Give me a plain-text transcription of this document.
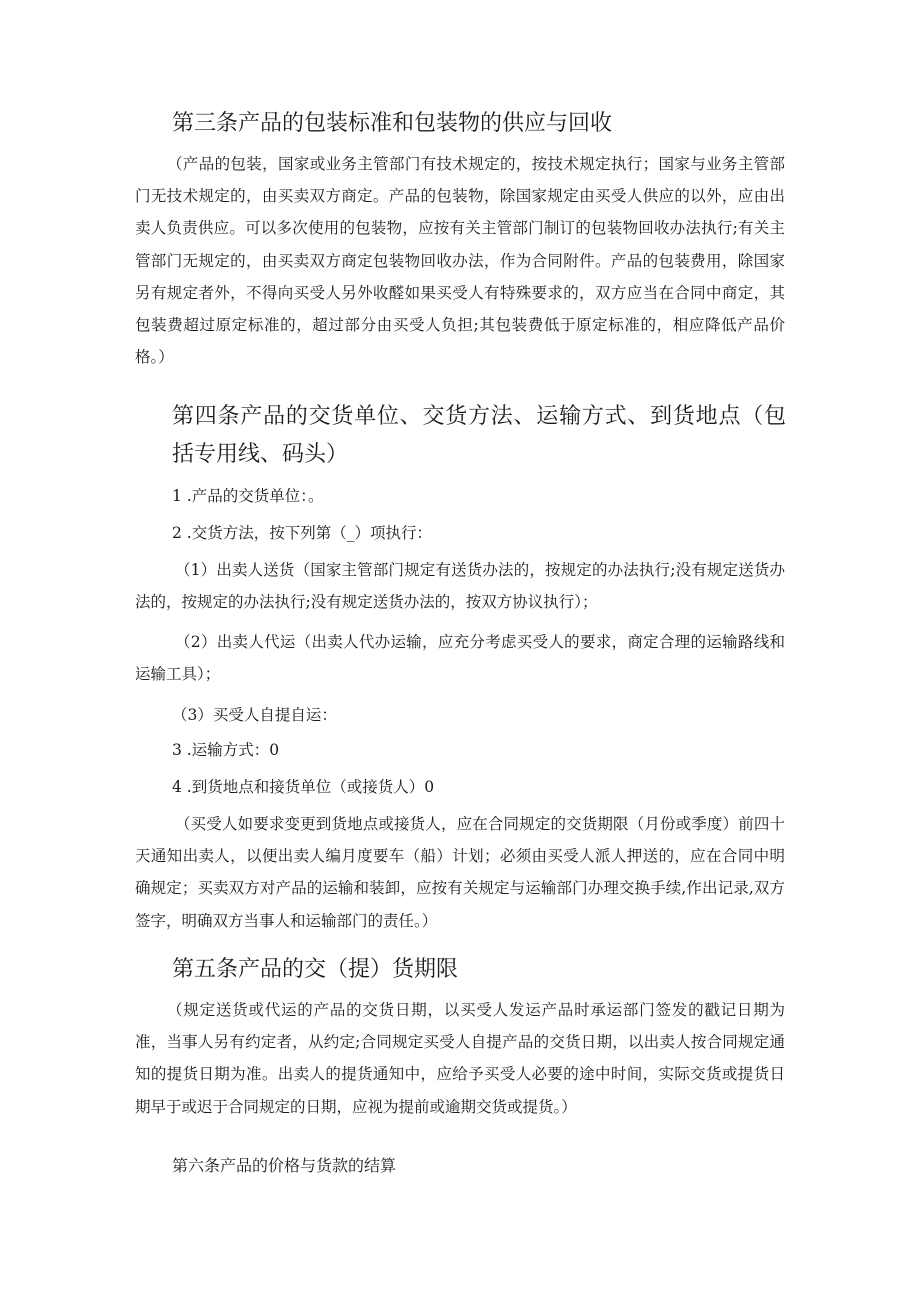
第三条产品的包装标准和包装物的供应与回收
（产品的包装，国家或业务主管部门有技术规定的，按技术规定执行；国家与业务主管部门无技术规定的，由买卖双方商定。产品的包装物，除国家规定由买受人供应的以外，应由出卖人负责供应。可以多次使用的包装物，应按有关主管部门制订的包装物回收办法执行;有关主管部门无规定的，由买卖双方商定包装物回收办法，作为合同附件。产品的包装费用，除国家另有规定者外，不得向买受人另外收醛如果买受人有特殊要求的，双方应当在合同中商定，其包装费超过原定标准的，超过部分由买受人负担;其包装费低于原定标准的，相应降低产品价格。）
第四条产品的交货单位、交货方法、运输方式、到货地点（包括专用线、码头）
1 .产品的交货单位：。
2 .交货方法，按下列第（_）项执行：
（1）出卖人送货（国家主管部门规定有送货办法的，按规定的办法执行;没有规定送货办法的，按规定的办法执行;没有规定送货办法的，按双方协议执行）；
（2）出卖人代运（出卖人代办运输，应充分考虑买受人的要求，商定合理的运输路线和运输工具）；
（3）买受人自提自运：
3 .运输方式：0
4 .到货地点和接货单位（或接货人）0
（买受人如要求变更到货地点或接货人，应在合同规定的交货期限（月份或季度）前四十天通知出卖人，以便出卖人编月度要车（船）计划；必须由买受人派人押送的，应在合同中明确规定；买卖双方对产品的运输和装卸，应按有关规定与运输部门办理交换手续,作出记录,双方签字，明确双方当事人和运输部门的责任。）
第五条产品的交（提）货期限
（规定送货或代运的产品的交货日期，以买受人发运产品时承运部门签发的戳记日期为准，当事人另有约定者，从约定;合同规定买受人自提产品的交货日期，以出卖人按合同规定通知的提货日期为准。出卖人的提货通知中，应给予买受人必要的途中时间，实际交货或提货日期早于或迟于合同规定的日期，应视为提前或逾期交货或提货。）
第六条产品的价格与货款的结算
